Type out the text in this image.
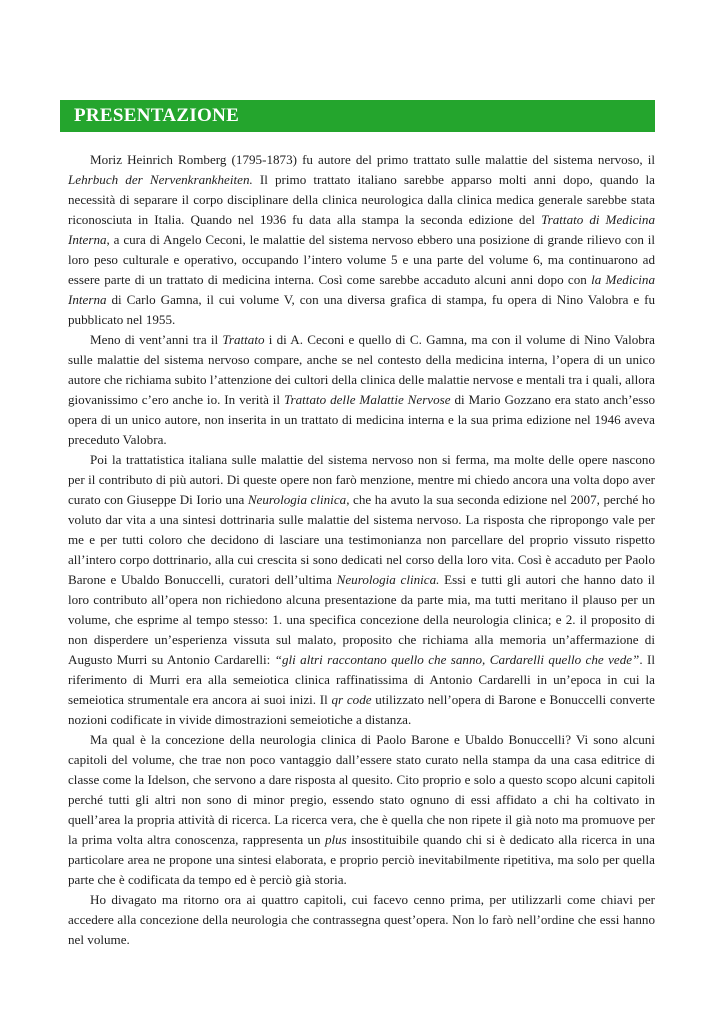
PRESENTAZIONE

Moriz Heinrich Romberg (1795-1873) fu autore del primo trattato sulle malattie del sistema nervoso, il Lehrbuch der Nervenkrankheiten. Il primo trattato italiano sarebbe apparso molti anni dopo, quando la necessità di separare il corpo disciplinare della clinica neurologica dalla clinica medica generale sarebbe stata riconosciuta in Italia. Quando nel 1936 fu data alla stampa la seconda edizione del Trattato di Medicina Interna, a cura di Angelo Ceconi, le malattie del sistema nervoso ebbero una posizione di grande rilievo con il loro peso culturale e operativo, occupando l’intero volume 5 e una parte del volume 6, ma continuarono ad essere parte di un trattato di medicina interna. Così come sarebbe accaduto alcuni anni dopo con la Medicina Interna di Carlo Gamna, il cui volume V, con una diversa grafica di stampa, fu opera di Nino Valobra e fu pubblicato nel 1955.

Meno di vent’anni tra il Trattato i di A. Ceconi e quello di C. Gamna, ma con il volume di Nino Valobra sulle malattie del sistema nervoso compare, anche se nel contesto della medicina interna, l’opera di un unico autore che richiama subito l’attenzione dei cultori della clinica delle malattie nervose e mentali tra i quali, allora giovanissimo c’ero anche io. In verità il Trattato delle Malattie Nervose di Mario Gozzano era stato anch’esso opera di un unico autore, non inserita in un trattato di medicina interna e la sua prima edizione nel 1946 aveva preceduto Valobra.

Poi la trattatistica italiana sulle malattie del sistema nervoso non si ferma, ma molte delle opere nascono per il contributo di più autori. Di queste opere non farò menzione, mentre mi chiedo ancora una volta dopo aver curato con Giuseppe Di Iorio una Neurologia clinica, che ha avuto la sua seconda edizione nel 2007, perché ho voluto dar vita a una sintesi dottrinaria sulle malattie del sistema nervoso. La risposta che ripropongo vale per me e per tutti coloro che decidono di lasciare una testimonianza non parcellare del proprio vissuto rispetto all’intero corpo dottrinario, alla cui crescita si sono dedicati nel corso della loro vita. Così è accaduto per Paolo Barone e Ubaldo Bonuccelli, curatori dell’ultima Neurologia clinica. Essi e tutti gli autori che hanno dato il loro contributo all’opera non richiedono alcuna presentazione da parte mia, ma tutti meritano il plauso per un volume, che esprime al tempo stesso: 1. una specifica concezione della neurologia clinica; e 2. il proposito di non disperdere un’esperienza vissuta sul malato, proposito che richiama alla memoria un’affermazione di Augusto Murri su Antonio Cardarelli: “gli altri raccontano quello che sanno, Cardarelli quello che vede”. Il riferimento di Murri era alla semeiotica clinica raffinatissima di Antonio Cardarelli in un’epoca in cui la semeiotica strumentale era ancora ai suoi inizi. Il qr code utilizzato nell’opera di Barone e Bonuccelli converte nozioni codificate in vivide dimostrazioni semeiotiche a distanza.

Ma qual è la concezione della neurologia clinica di Paolo Barone e Ubaldo Bonuccelli? Vi sono alcuni capitoli del volume, che trae non poco vantaggio dall’essere stato curato nella stampa da una casa editrice di classe come la Idelson, che servono a dare risposta al quesito. Cito proprio e solo a questo scopo alcuni capitoli perché tutti gli altri non sono di minor pregio, essendo stato ognuno di essi affidato a chi ha coltivato in quell’area la propria attività di ricerca. La ricerca vera, che è quella che non ripete il già noto ma promuove per la prima volta altra conoscenza, rappresenta un plus insostituibile quando chi si è dedicato alla ricerca in una particolare area ne propone una sintesi elaborata, e proprio perciò inevitabilmente ripetitiva, ma solo per quella parte che è codificata da tempo ed è perciò già storia.

Ho divagato ma ritorno ora ai quattro capitoli, cui facevo cenno prima, per utilizzarli come chiavi per accedere alla concezione della neurologia che contrassegna quest’opera. Non lo farò nell’ordine che essi hanno nel volume.
